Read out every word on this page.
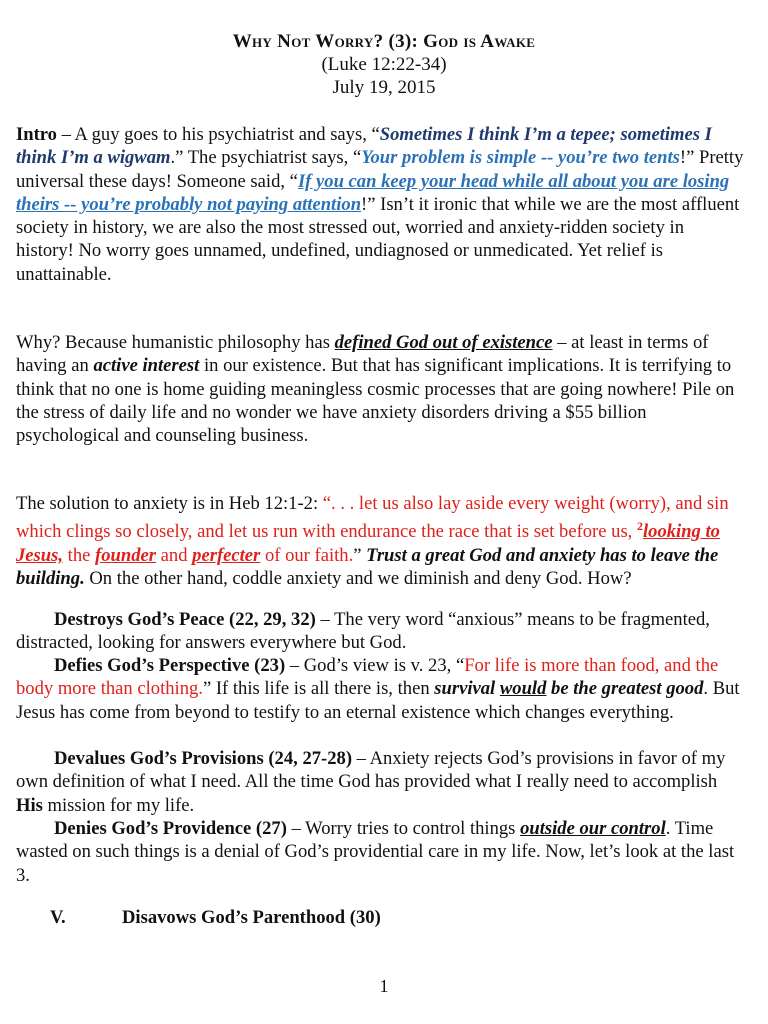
Why Not Worry? (3): God is Awake
(Luke 12:22-34)
July 19, 2015

Intro – A guy goes to his psychiatrist and says, “Sometimes I think I’m a tepee; sometimes I think I’m a wigwam.” The psychiatrist says, “Your problem is simple -- you’re two tents!” Pretty universal these days! Someone said, “If you can keep your head while all about you are losing theirs -- you’re probably not paying attention!” Isn’t it ironic that while we are the most affluent society in history, we are also the most stressed out, worried and anxiety-ridden society in history! No worry goes unnamed, undefined, undiagnosed or unmedicated. Yet relief is unattainable.

Why? Because humanistic philosophy has defined God out of existence – at least in terms of having an active interest in our existence. But that has significant implications. It is terrifying to think that no one is home guiding meaningless cosmic processes that are going nowhere! Pile on the stress of daily life and no wonder we have anxiety disorders driving a $55 billion psychological and counseling business.

The solution to anxiety is in Heb 12:1-2: “. . . let us also lay aside every weight (worry), and sin which clings so closely, and let us run with endurance the race that is set before us, $^2$looking to Jesus, the founder and perfecter of our faith.” Trust a great God and anxiety has to leave the building. On the other hand, coddle anxiety and we diminish and deny God. How?

Destroys God’s Peace (22, 29, 32) – The very word “anxious” means to be fragmented, distracted, looking for answers everywhere but God.

Defies God’s Perspective (23) – God’s view is v. 23, “For life is more than food, and the body more than clothing.” If this life is all there is, then survival would be the greatest good. But Jesus has come from beyond to testify to an eternal existence which changes everything.

Devalues God’s Provisions (24, 27-28) – Anxiety rejects God’s provisions in favor of my own definition of what I need. All the time God has provided what I really need to accomplish His mission for my life.

Denies God’s Providence (27) – Worry tries to control things outside our control. Time wasted on such things is a denial of God’s providential care in my life. Now, let’s look at the last 3.

V.	Disavows God’s Parenthood (30)
1
